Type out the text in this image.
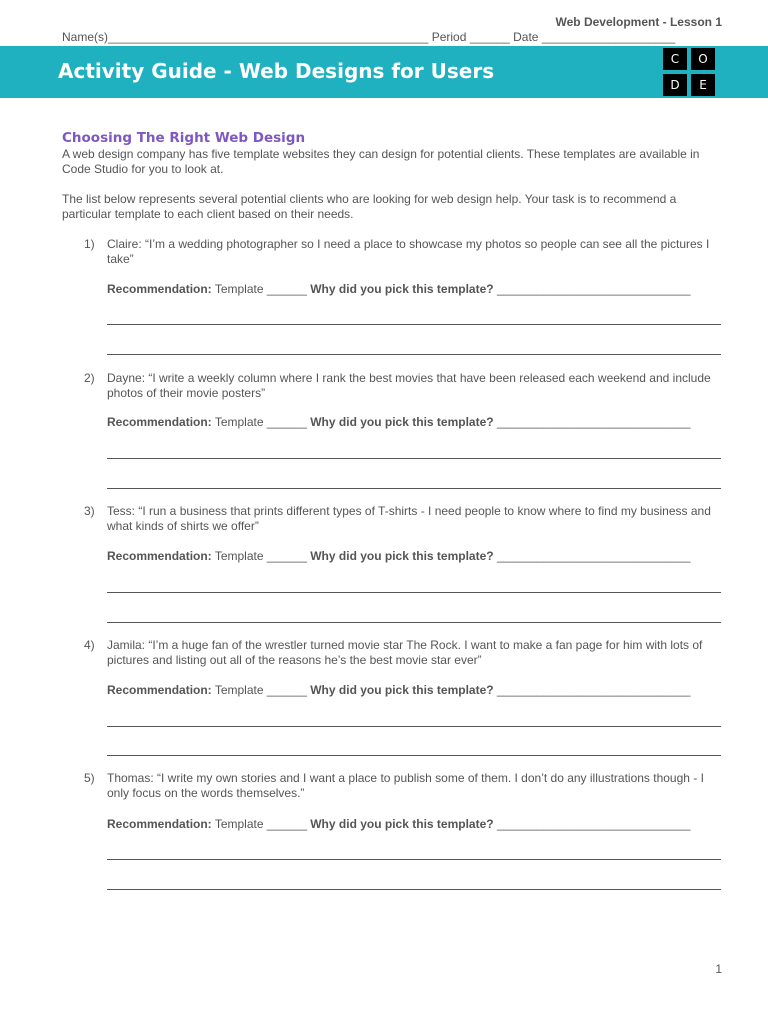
Web Development - Lesson 1
Name(s)________________________________________________ Period ______ Date ____________________
Activity Guide - Web Designs for Users	C	O
D	E
Choosing The Right Web Design
A web design company has five template websites they can design for potential clients. These templates are available in Code Studio for you to look at.
The list below represents several potential clients who are looking for web design help. Your task is to recommend a particular template to each client based on their needs.
1) Claire: “I’m a wedding photographer so I need a place to showcase my photos so people can see all the pictures I take”
Recommendation: Template ______ Why did you pick this template? _____________________________
2) Dayne: “I write a weekly column where I rank the best movies that have been released each weekend and include photos of their movie posters”
Recommendation: Template ______ Why did you pick this template? _____________________________
3) Tess: “I run a business that prints different types of T-shirts - I need people to know where to find my business and what kinds of shirts we offer”
Recommendation: Template ______ Why did you pick this template? _____________________________
4) Jamila: “I’m a huge fan of the wrestler turned movie star The Rock. I want to make a fan page for him with lots of pictures and listing out all of the reasons he’s the best movie star ever”
Recommendation: Template ______ Why did you pick this template? _____________________________
5) Thomas: “I write my own stories and I want a place to publish some of them. I don’t do any illustrations though - I only focus on the words themselves.”
Recommendation: Template ______ Why did you pick this template? _____________________________
1
